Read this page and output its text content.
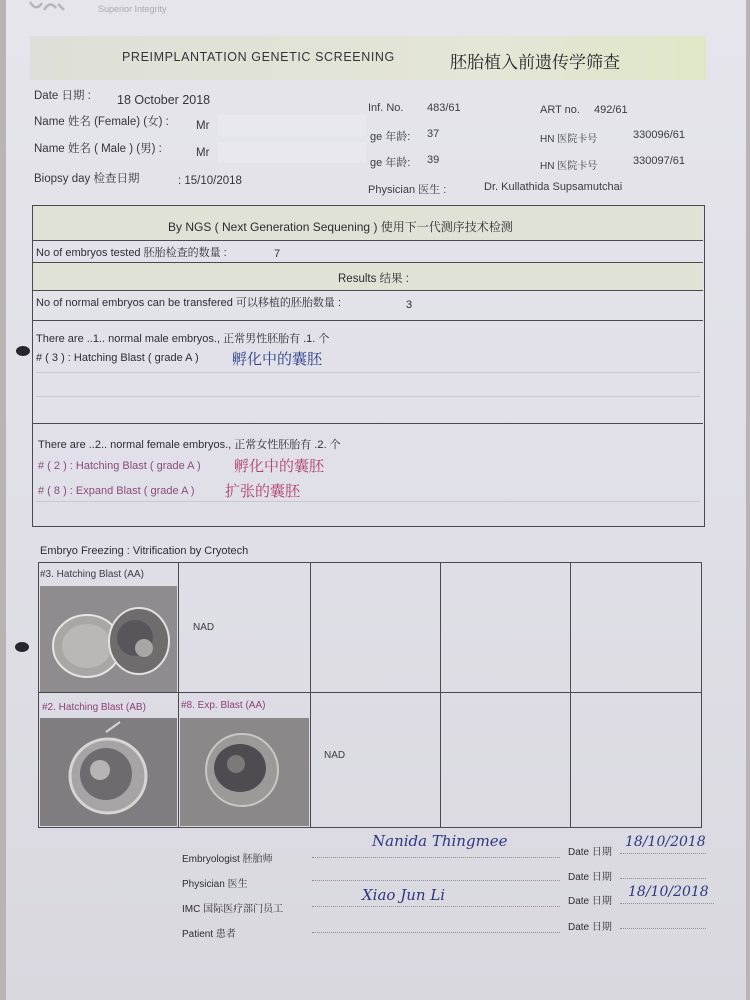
Superior Integrity
PREIMPLANTATION GENETIC SCREENING	胚胎植入前遗传学筛查
Date 日期 : 18 October 2018
Name 姓名 (Female) (女) : Mr
Name 姓名 ( Male ) (男) :	Mr
Biopsy day 检查日期	: 15/10/2018
Inf. No. 483/61
ge 年龄: 37
ge 年龄: 39
Physician 医生 :	Dr. Kullathida Supsamutchai
ART no. 492/61
HN 医院卡号	330096/61
HN 医院卡号	330097/61
By NGS ( Next Generation Sequening ) 使用下一代测序技术检测
No of embryos tested 胚胎检查的数量 :	7
Results 结果 :
No of normal embryos can be transfered 可以移植的胚胎数量 :	3
There are ..1.. normal male embryos., 正常男性胚胎有 .1. 个
# ( 3 ) : Hatching Blast ( grade A ) 孵化中的囊胚
There are ..2.. normal female embryos., 正常女性胚胎有 .2. 个
# ( 2 ) : Hatching Blast ( grade A ) 孵化中的囊胚
# ( 8 ) : Expand Blast ( grade A ) 扩张的囊胚
Embryo Freezing : Vitrification by Cryotech
#3. Hatching Blast (AA)
NAD
#2. Hatching Blast (AB)	#8. Exp. Blast (AA)
NAD
Embryologist 胚胎师
Nanida Thingmee
Date 日期
18/10/2018
Physician 医生
Date 日期
IMC 国际医疗部门员工
Xiao Jun Li	Date 日期
18/10/2018
Patient 患者
Date 日期
